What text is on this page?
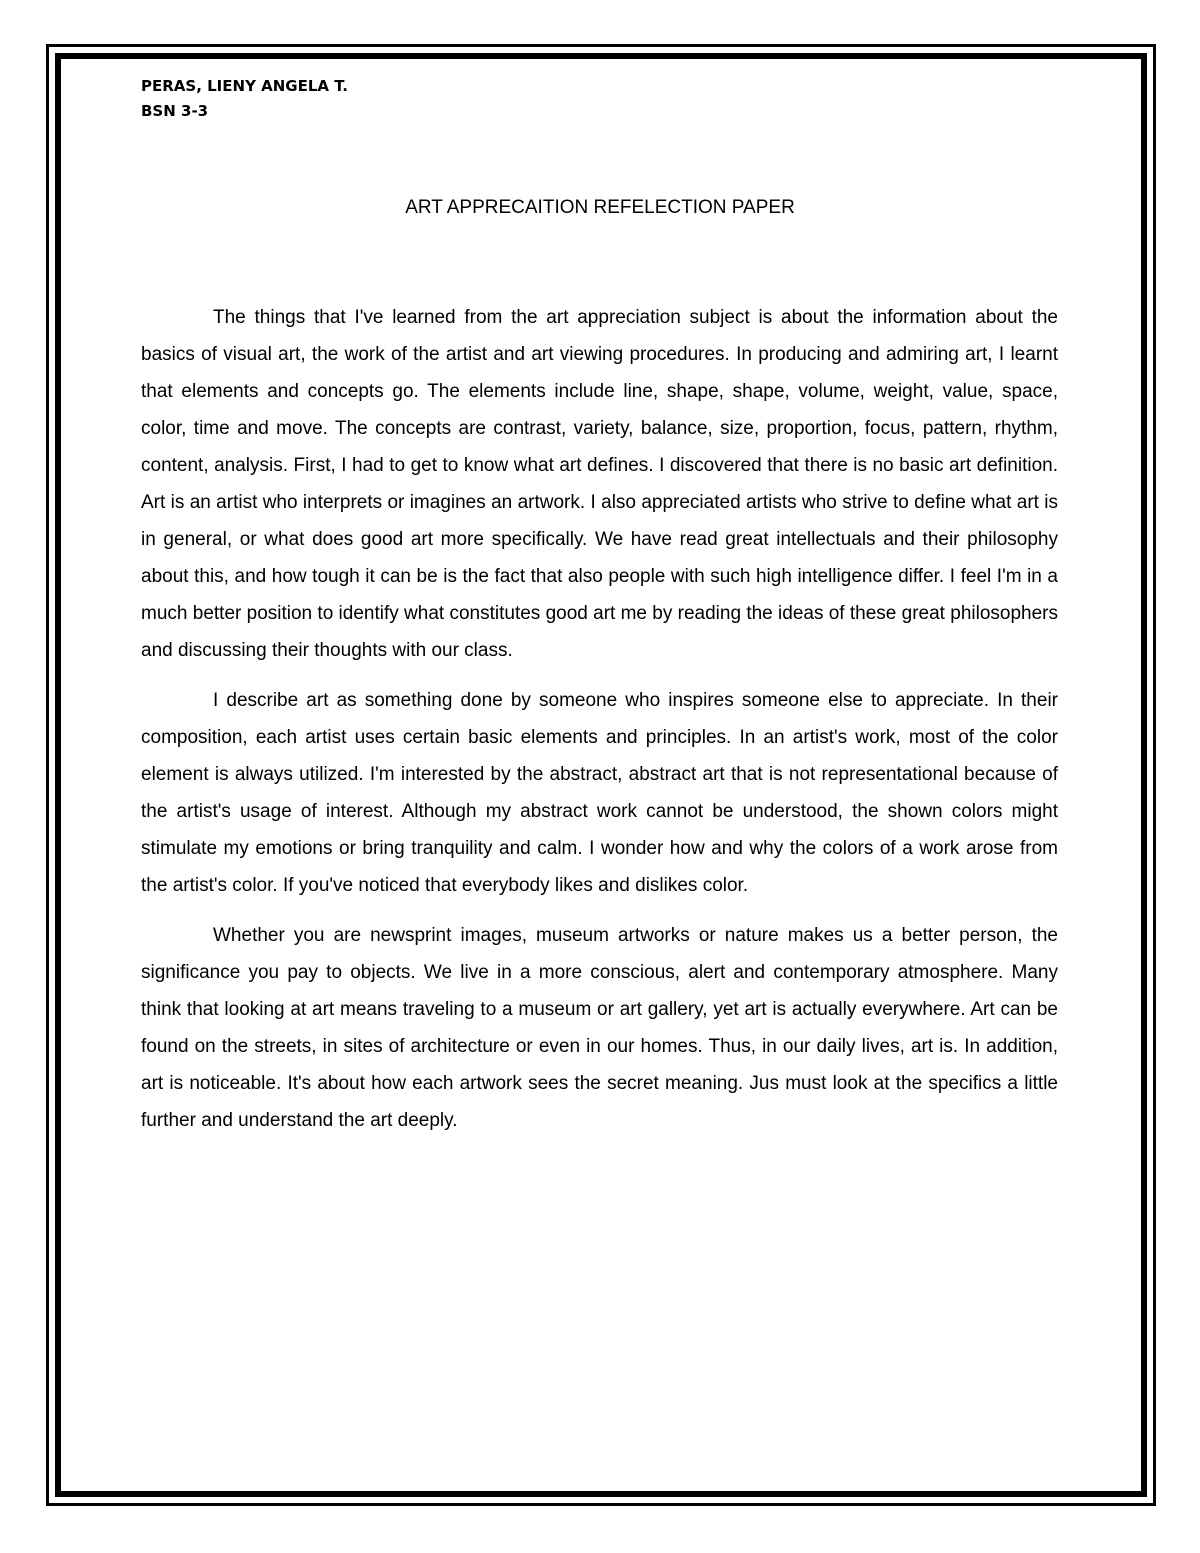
PERAS, LIENY ANGELA T.
BSN 3-3
ART APPRECAITION REFELECTION PAPER

The things that I've learned from the art appreciation subject is about the information about the basics of visual art, the work of the artist and art viewing procedures. In producing and admiring art, I learnt that elements and concepts go. The elements include line, shape, shape, volume, weight, value, space, color, time and move. The concepts are contrast, variety, balance, size, proportion, focus, pattern, rhythm, content, analysis. First, I had to get to know what art defines. I discovered that there is no basic art definition. Art is an artist who interprets or imagines an artwork. I also appreciated artists who strive to define what art is in general, or what does good art more specifically. We have read great intellectuals and their philosophy about this, and how tough it can be is the fact that also people with such high intelligence differ. I feel I'm in a much better position to identify what constitutes good art me by reading the ideas of these great philosophers and discussing their thoughts with our class.

I describe art as something done by someone who inspires someone else to appreciate. In their composition, each artist uses certain basic elements and principles. In an artist's work, most of the color element is always utilized. I'm interested by the abstract, abstract art that is not representational because of the artist's usage of interest. Although my abstract work cannot be understood, the shown colors might stimulate my emotions or bring tranquility and calm. I wonder how and why the colors of a work arose from the artist's color. If you've noticed that everybody likes and dislikes color.

Whether you are newsprint images, museum artworks or nature makes us a better person, the significance you pay to objects. We live in a more conscious, alert and contemporary atmosphere. Many think that looking at art means traveling to a museum or art gallery, yet art is actually everywhere. Art can be found on the streets, in sites of architecture or even in our homes. Thus, in our daily lives, art is. In addition, art is noticeable. It's about how each artwork sees the secret meaning. Jus must look at the specifics a little further and understand the art deeply.
